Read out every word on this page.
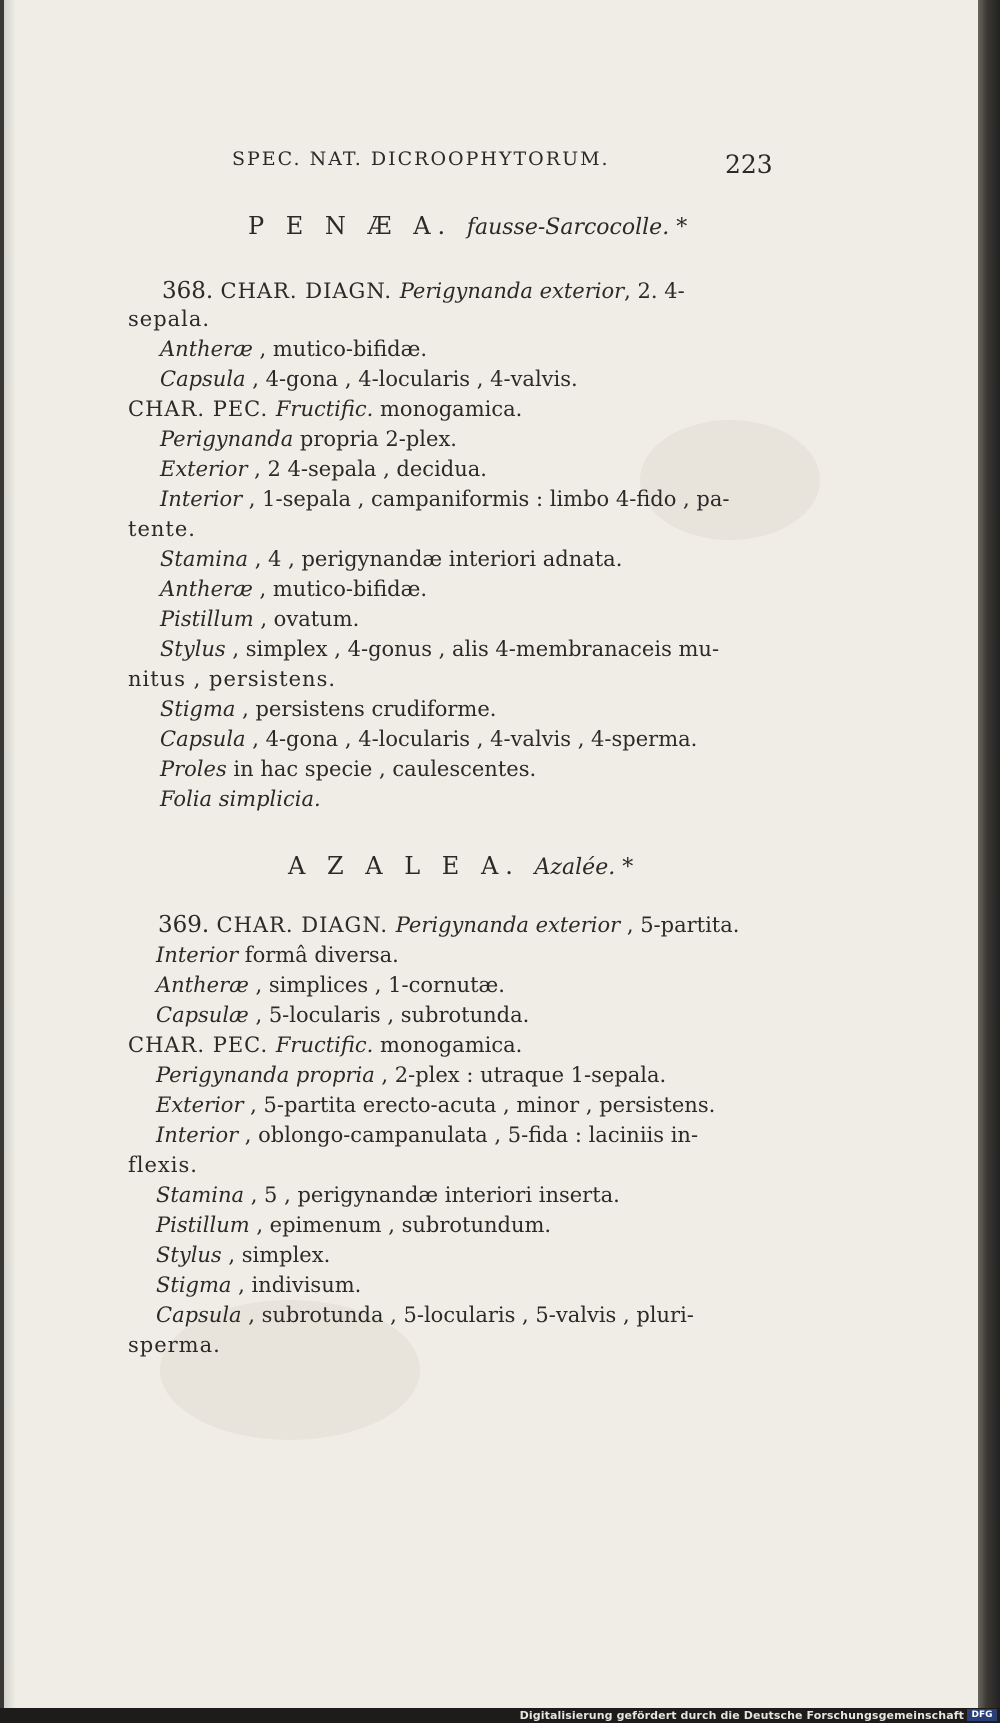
SPEC. NAT. DICROOPHYTORUM.	223
P E N Æ A. fausse-Sarcocolle. *
368. CHAR. DIAGN. Perigynanda exterior, 2. 4-
sepala.
Antheræ , mutico-bifidæ.
Capsula , 4-gona , 4-locularis , 4-valvis.
CHAR. PEC. Fructific. monogamica.
Perigynanda propria 2-plex.
Exterior , 2 4-sepala , decidua.
Interior , 1-sepala , campaniformis : limbo 4-fido , pa-
tente.
Stamina , 4 , perigynandæ interiori adnata.
Antheræ , mutico-bifidæ.
Pistillum , ovatum.
Stylus , simplex , 4-gonus , alis 4-membranaceis mu-
nitus , persistens.
Stigma , persistens crudiforme.
Capsula , 4-gona , 4-locularis , 4-valvis , 4-sperma.
Proles in hac specie , caulescentes.
Folia simplicia.
A Z A L E A. Azalée. *
369. CHAR. DIAGN. Perigynanda exterior , 5-partita.
Interior formâ diversa.
Antheræ , simplices , 1-cornutæ.
Capsulæ , 5-locularis , subrotunda.
CHAR. PEC. Fructific. monogamica.
Perigynanda propria , 2-plex : utraque 1-sepala.
Exterior , 5-partita erecto-acuta , minor , persistens.
Interior , oblongo-campanulata , 5-fida : laciniis in-
flexis.
Stamina , 5 , perigynandæ interiori inserta.
Pistillum , epimenum , subrotundum.
Stylus , simplex.
Stigma , indivisum.
Capsula , subrotunda , 5-locularis , 5-valvis , pluri-
sperma.
Digitalisierung gefördert durch die Deutsche Forschungsgemeinschaft DFG
